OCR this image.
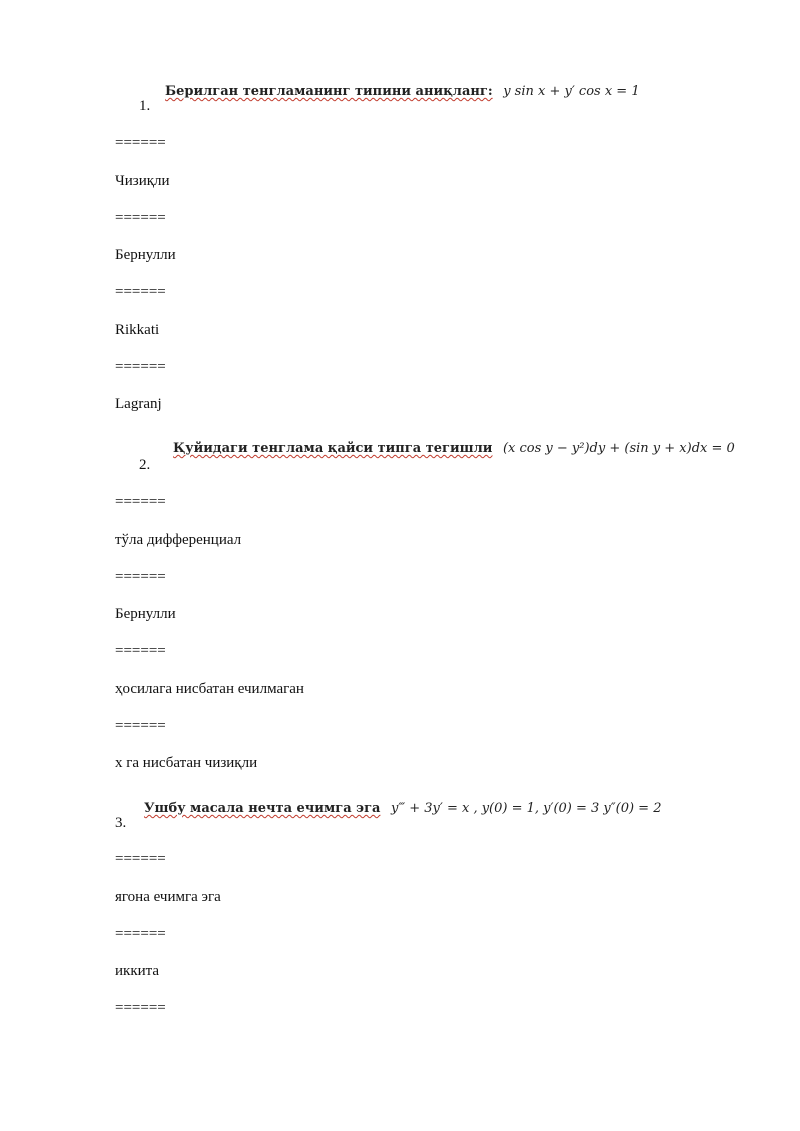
Берилган тенгламанинг типини аниқланг: y sin x + y′ cos x = 1
1.
======
Чизиқли
======
Бернулли
======
Rikkati
======
Lagranj
Қуйидаги тенглама қайси типга тегишли (x cos y − y²)dy + (sin y + x)dx = 0
2.
======
тўла дифференциал
======
Бернулли
======
ҳосилага нисбатан ечилмаган
======
х га нисбатан чизиқли
Ушбу масала нечта ечимга эга y‴ + 3y′ = x , y(0) = 1, y′(0) = 3 y″(0) = 2
3.
======
ягона ечимга эга
======
иккита
======
